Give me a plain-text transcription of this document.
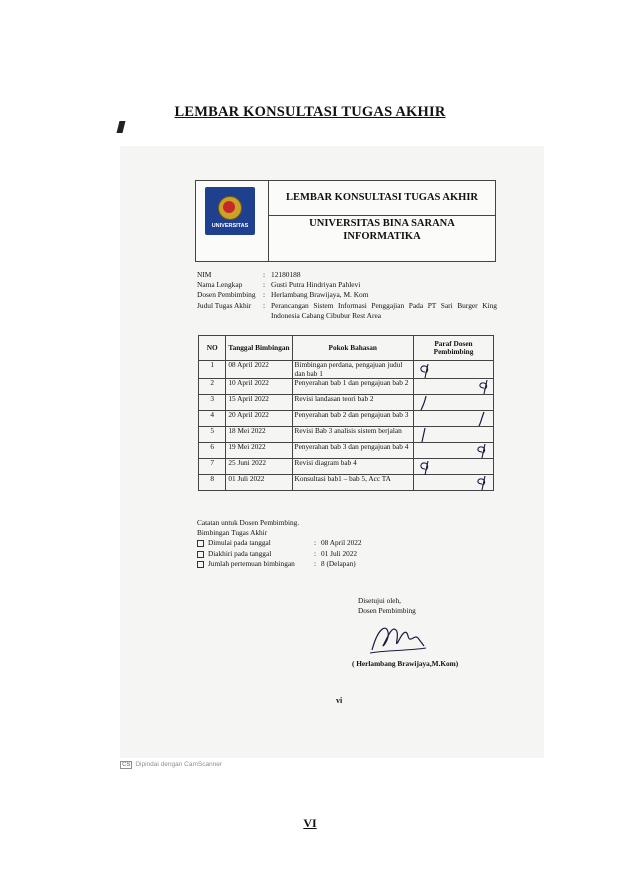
LEMBAR KONSULTASI TUGAS AKHIR
UNIVERSITAS
LEMBAR KONSULTASI TUGAS AKHIR
UNIVERSITAS BINA SARANA
INFORMATIKA
NIM	: 12180188
Nama Lengkap	: Gusti Putra Hindriyan Pahlevi
Dosen Pembimbing	: Herlambang Brawijaya, M. Kom
Judul Tugas Akhir	: Perancangan Sistem Informasi Penggajian Pada PT Sari Burger King Indonesia Cabang Cibubur Rest Area
NO	Tanggal Bimbingan	Pokok Bahasan	Paraf Dosen Pembimbing
1	08 April 2022	Bimbingan perdana, pengajuan judul dan bab 1	

2	10 April 2022	Penyerahan bab 1 dan pengajuan bab 2	

3	15 April 2022	Revisi landasan teori bab 2	

4	20 April 2022	Penyerahan bab 2 dan pengajuan bab 3	

5	18 Mei 2022	Revisi Bab 3 analisis sistem berjalan	

6	19 Mei 2022	Penyerahan bab 3 dan pengajuan bab 4	

7	25 Juni 2022	Revisi diagram bab 4	

8	01 Juli 2022	Konsultasi bab1 – bab 5, Acc TA	
Catatan untuk Dosen Pembimbing.
Bimbingan Tugas Akhir
Dimulai pada tanggal	: 08 April 2022
Diakhiri pada tanggal	: 01 Juli 2022
Jumlah pertemuan bimbingan	: 8 (Delapan)
Disetujui oleh,
Dosen Pembimbing
( Herlambang Brawijaya,M.Kom)
vi
CS Dipindai dengan CamScanner
VI
